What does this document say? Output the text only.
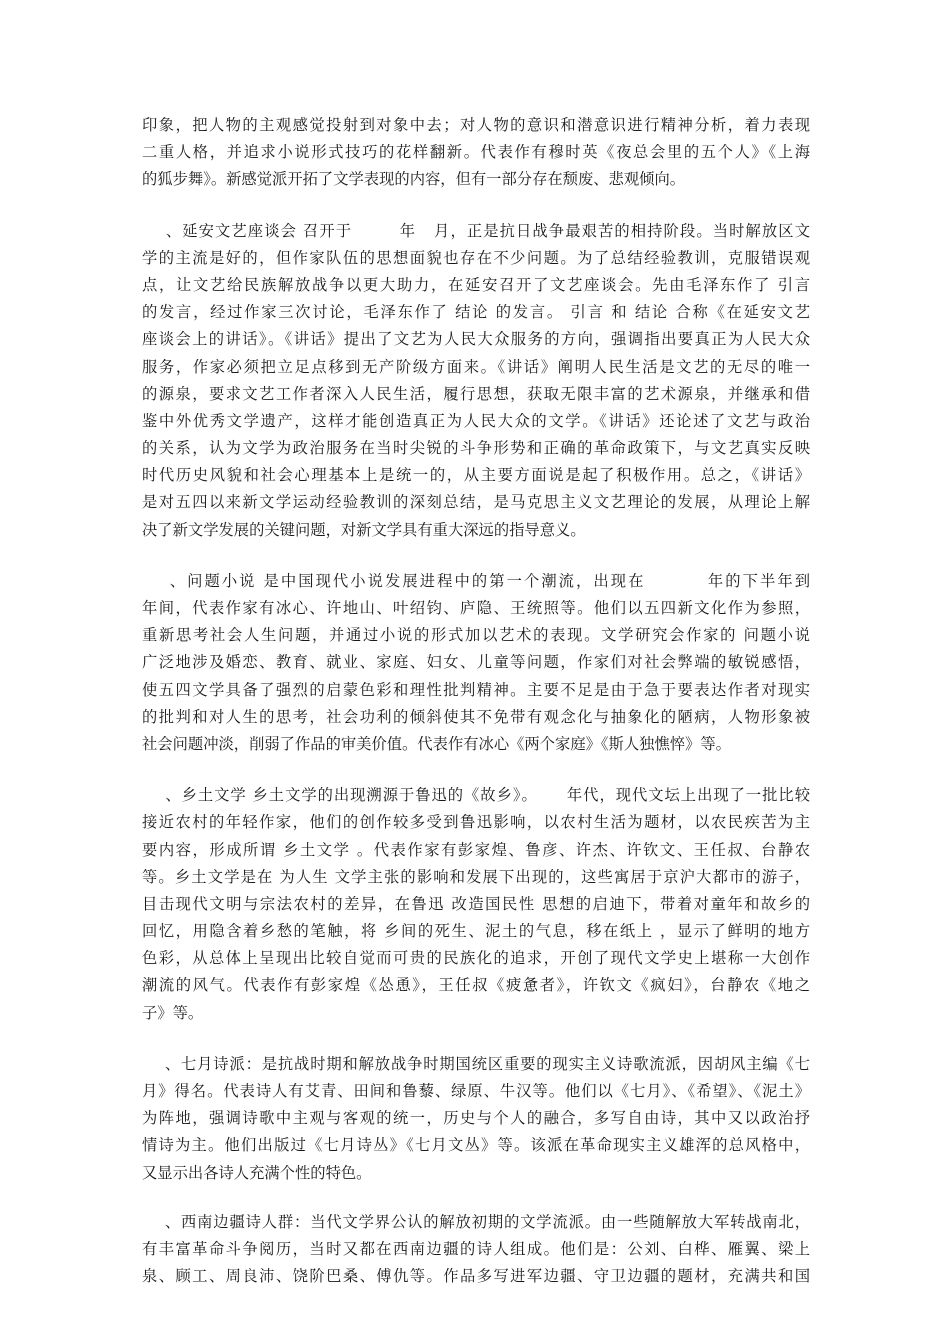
印象，把人物的主观感觉投射到对象中去；对人物的意识和潜意识进行精神分析，着力表现
二重人格，并追求小说形式技巧的花样翻新。代表作有穆时英《夜总会里的五个人》《上海
的狐步舞》。新感觉派开拓了文学表现的内容，但有一部分存在颓废、悲观倾向。
、延安文艺座谈会 召开于        年   月，正是抗日战争最艰苦的相持阶段。当时解放区文
学的主流是好的，但作家队伍的思想面貌也存在不少问题。为了总结经验教训，克服错误观
点，让文艺给民族解放战争以更大助力，在延安召开了文艺座谈会。先由毛泽东作了 引言
的发言，经过作家三次讨论，毛泽东作了 结论 的发言。 引言 和 结论 合称《在延安文艺
座谈会上的讲话》。《讲话》提出了文艺为人民大众服务的方向，强调指出要真正为人民大众
服务，作家必须把立足点移到无产阶级方面来。《讲话》阐明人民生活是文艺的无尽的唯一
的源泉，要求文艺工作者深入人民生活，履行思想，获取无限丰富的艺术源泉，并继承和借
鉴中外优秀文学遗产，这样才能创造真正为人民大众的文学。《讲话》还论述了文艺与政治
的关系，认为文学为政治服务在当时尖锐的斗争形势和正确的革命政策下，与文艺真实反映
时代历史风貌和社会心理基本上是统一的，从主要方面说是起了积极作用。总之，《讲话》
是对五四以来新文学运动经验教训的深刻总结，是马克思主义文艺理论的发展，从理论上解
决了新文学发展的关键问题，对新文学具有重大深远的指导意义。
、问题小说 是中国现代小说发展进程中的第一个潮流，出现在         年的下半年到
年间，代表作家有冰心、许地山、叶绍钧、庐隐、王统照等。他们以五四新文化作为参照，
重新思考社会人生问题，并通过小说的形式加以艺术的表现。文学研究会作家的 问题小说
广泛地涉及婚恋、教育、就业、家庭、妇女、儿童等问题，作家们对社会弊端的敏锐感悟，
使五四文学具备了强烈的启蒙色彩和理性批判精神。主要不足是由于急于要表达作者对现实
的批判和对人生的思考，社会功利的倾斜使其不免带有观念化与抽象化的陋病，人物形象被
社会问题冲淡，削弱了作品的审美价值。代表作有冰心《两个家庭》《斯人独憔悴》等。
、乡土文学 乡土文学的出现溯源于鲁迅的《故乡》。     年代，现代文坛上出现了一批比较
接近农村的年轻作家，他们的创作较多受到鲁迅影响，以农村生活为题材，以农民疾苦为主
要内容，形成所谓 乡土文学 。代表作家有彭家煌、鲁彦、许杰、许钦文、王任叔、台静农
等。乡土文学是在 为人生 文学主张的影响和发展下出现的，这些寓居于京沪大都市的游子，
目击现代文明与宗法农村的差异，在鲁迅 改造国民性 思想的启迪下，带着对童年和故乡的
回忆，用隐含着乡愁的笔触，将 乡间的死生、泥土的气息，移在纸上 ，显示了鲜明的地方
色彩，从总体上呈现出比较自觉而可贵的民族化的追求，开创了现代文学史上堪称一大创作
潮流的风气。代表作有彭家煌《怂恿》，王任叔《疲惫者》，许钦文《疯妇》，台静农《地之
子》等。
、七月诗派：是抗战时期和解放战争时期国统区重要的现实主义诗歌流派，因胡风主编《七
月》得名。代表诗人有艾青、田间和鲁藜、绿原、牛汉等。他们以《七月》、《希望》、《泥土》
为阵地，强调诗歌中主观与客观的统一，历史与个人的融合，多写自由诗，其中又以政治抒
情诗为主。他们出版过《七月诗丛》《七月文丛》等。该派在革命现实主义雄浑的总风格中，
又显示出各诗人充满个性的特色。
、西南边疆诗人群：当代文学界公认的解放初期的文学流派。由一些随解放大军转战南北，
有丰富革命斗争阅历，当时又都在西南边疆的诗人组成。他们是：公刘、白桦、雁翼、梁上
泉、顾工、周良沛、饶阶巴桑、傅仇等。作品多写进军边疆、守卫边疆的题材，充满共和国
